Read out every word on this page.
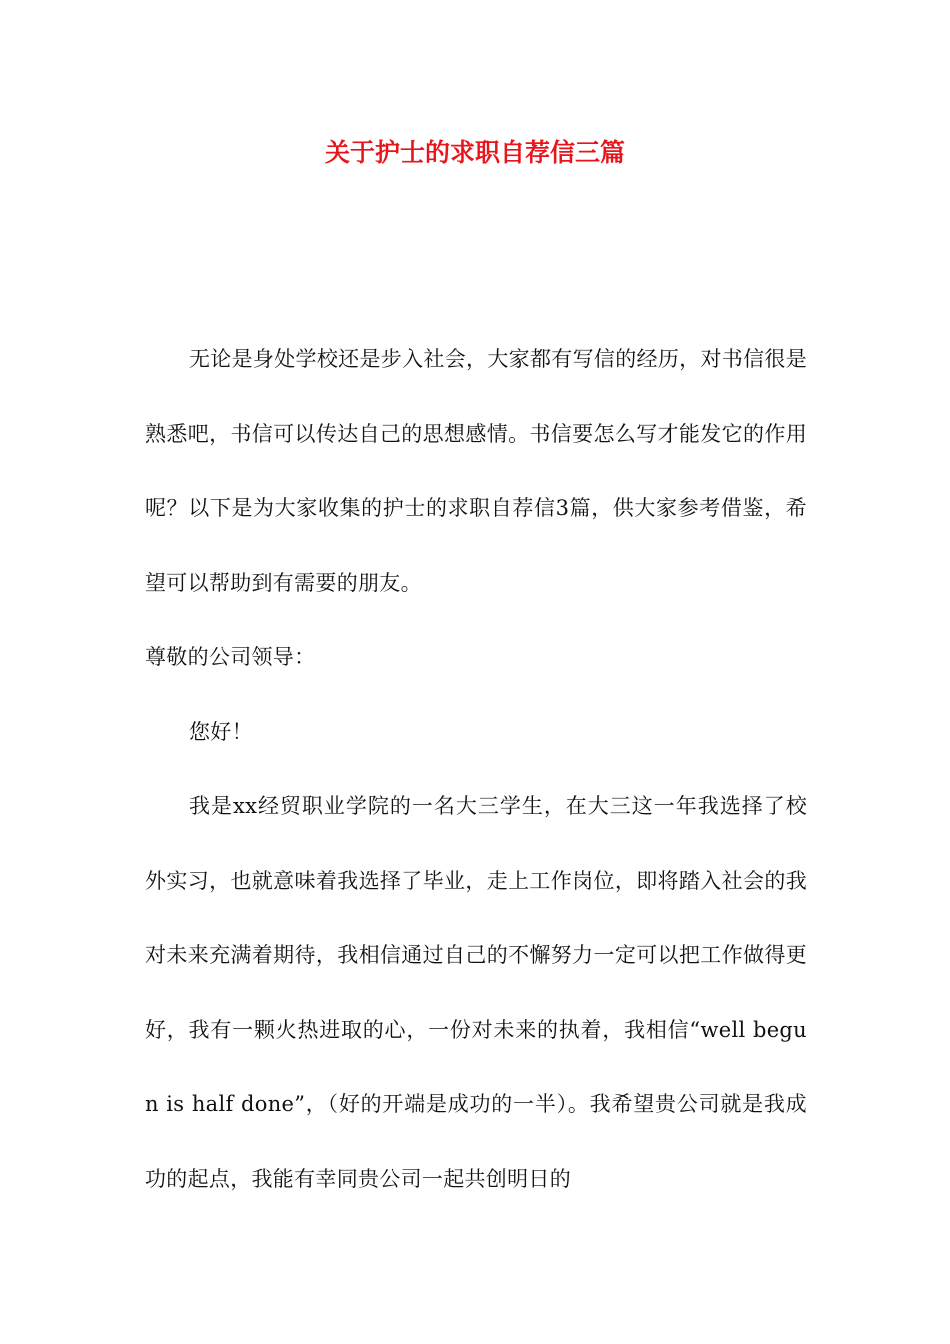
关于护士的求职自荐信三篇

无论是身处学校还是步入社会，大家都有写信的经历，对书信很是熟悉吧，书信可以传达自己的思想感情。书信要怎么写才能发它的作用呢？以下是为大家收集的护士的求职自荐信3篇，供大家参考借鉴，希望可以帮助到有需要的朋友。

尊敬的公司领导：

您好！

我是xx经贸职业学院的一名大三学生，在大三这一年我选择了校外实习，也就意味着我选择了毕业，走上工作岗位，即将踏入社会的我对未来充满着期待，我相信通过自己的不懈努力一定可以把工作做得更好，我有一颗火热进取的心，一份对未来的执着，我相信“well begun is half done”，（好的开端是成功的一半）。我希望贵公司就是我成功的起点，我能有幸同贵公司一起共创明日的
